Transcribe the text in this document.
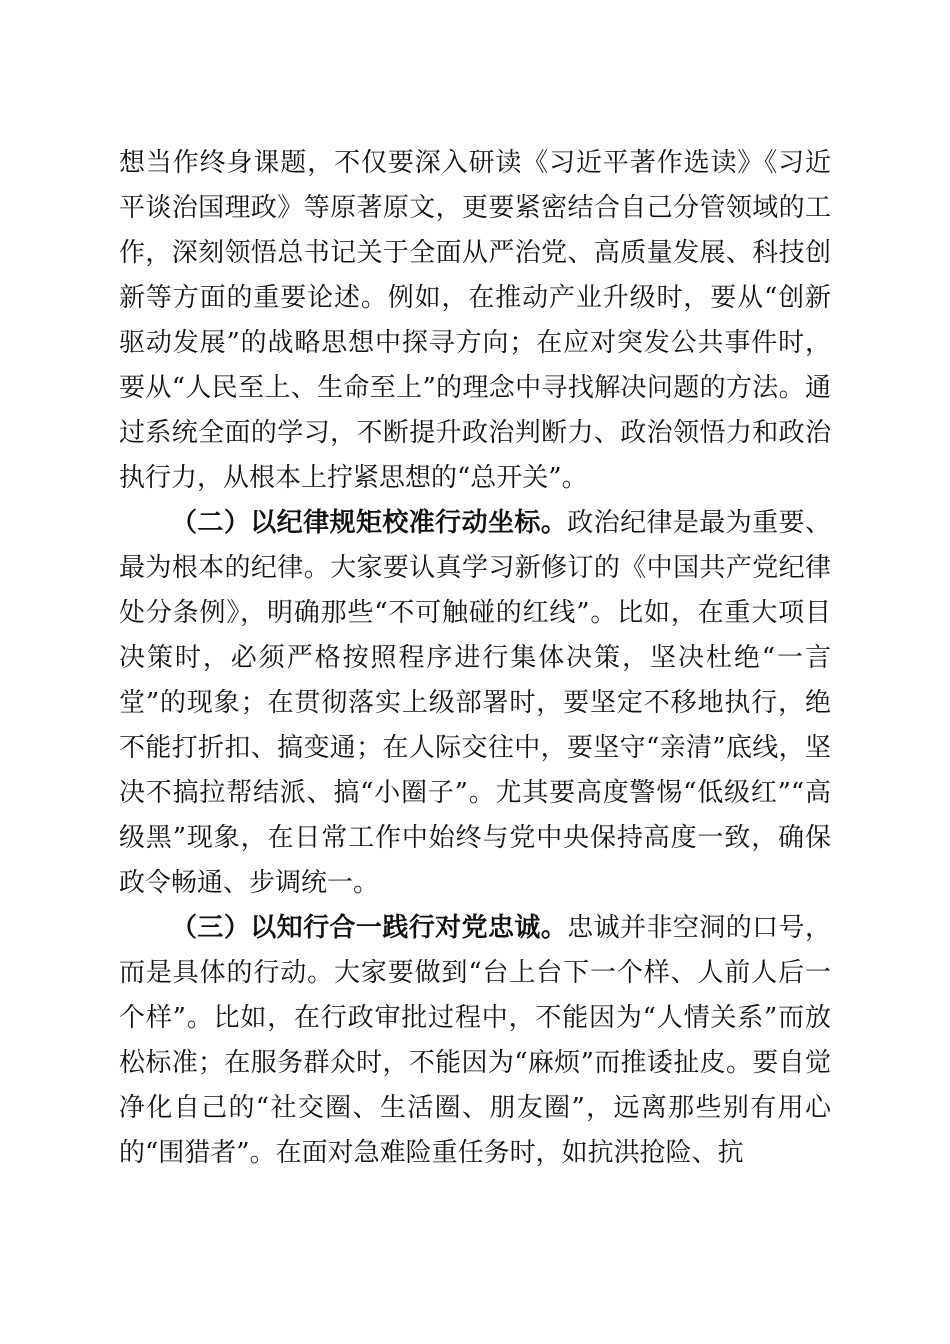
想当作终身课题，不仅要深入研读《习近平著作选读》《习近平谈治国理政》等原著原文，更要紧密结合自己分管领域的工作，深刻领悟总书记关于全面从严治党、高质量发展、科技创新等方面的重要论述。例如，在推动产业升级时，要从“创新驱动发展”的战略思想中探寻方向；在应对突发公共事件时，要从“人民至上、生命至上”的理念中寻找解决问题的方法。通过系统全面的学习，不断提升政治判断力、政治领悟力和政治执行力，从根本上拧紧思想的“总开关”。

（二）以纪律规矩校准行动坐标。政治纪律是最为重要、最为根本的纪律。大家要认真学习新修订的《中国共产党纪律处分条例》，明确那些“不可触碰的红线”。比如，在重大项目决策时，必须严格按照程序进行集体决策，坚决杜绝“一言堂”的现象；在贯彻落实上级部署时，要坚定不移地执行，绝不能打折扣、搞变通；在人际交往中，要坚守“亲清”底线，坚决不搞拉帮结派、搞“小圈子”。尤其要高度警惕“低级红”“高级黑”现象，在日常工作中始终与党中央保持高度一致，确保政令畅通、步调统一。

（三）以知行合一践行对党忠诚。忠诚并非空洞的口号，而是具体的行动。大家要做到“台上台下一个样、人前人后一个样”。比如，在行政审批过程中，不能因为“人情关系”而放松标准；在服务群众时，不能因为“麻烦”而推诿扯皮。要自觉净化自己的“社交圈、生活圈、朋友圈”，远离那些别有用心的“围猎者”。在面对急难险重任务时，如抗洪抢险、抗
